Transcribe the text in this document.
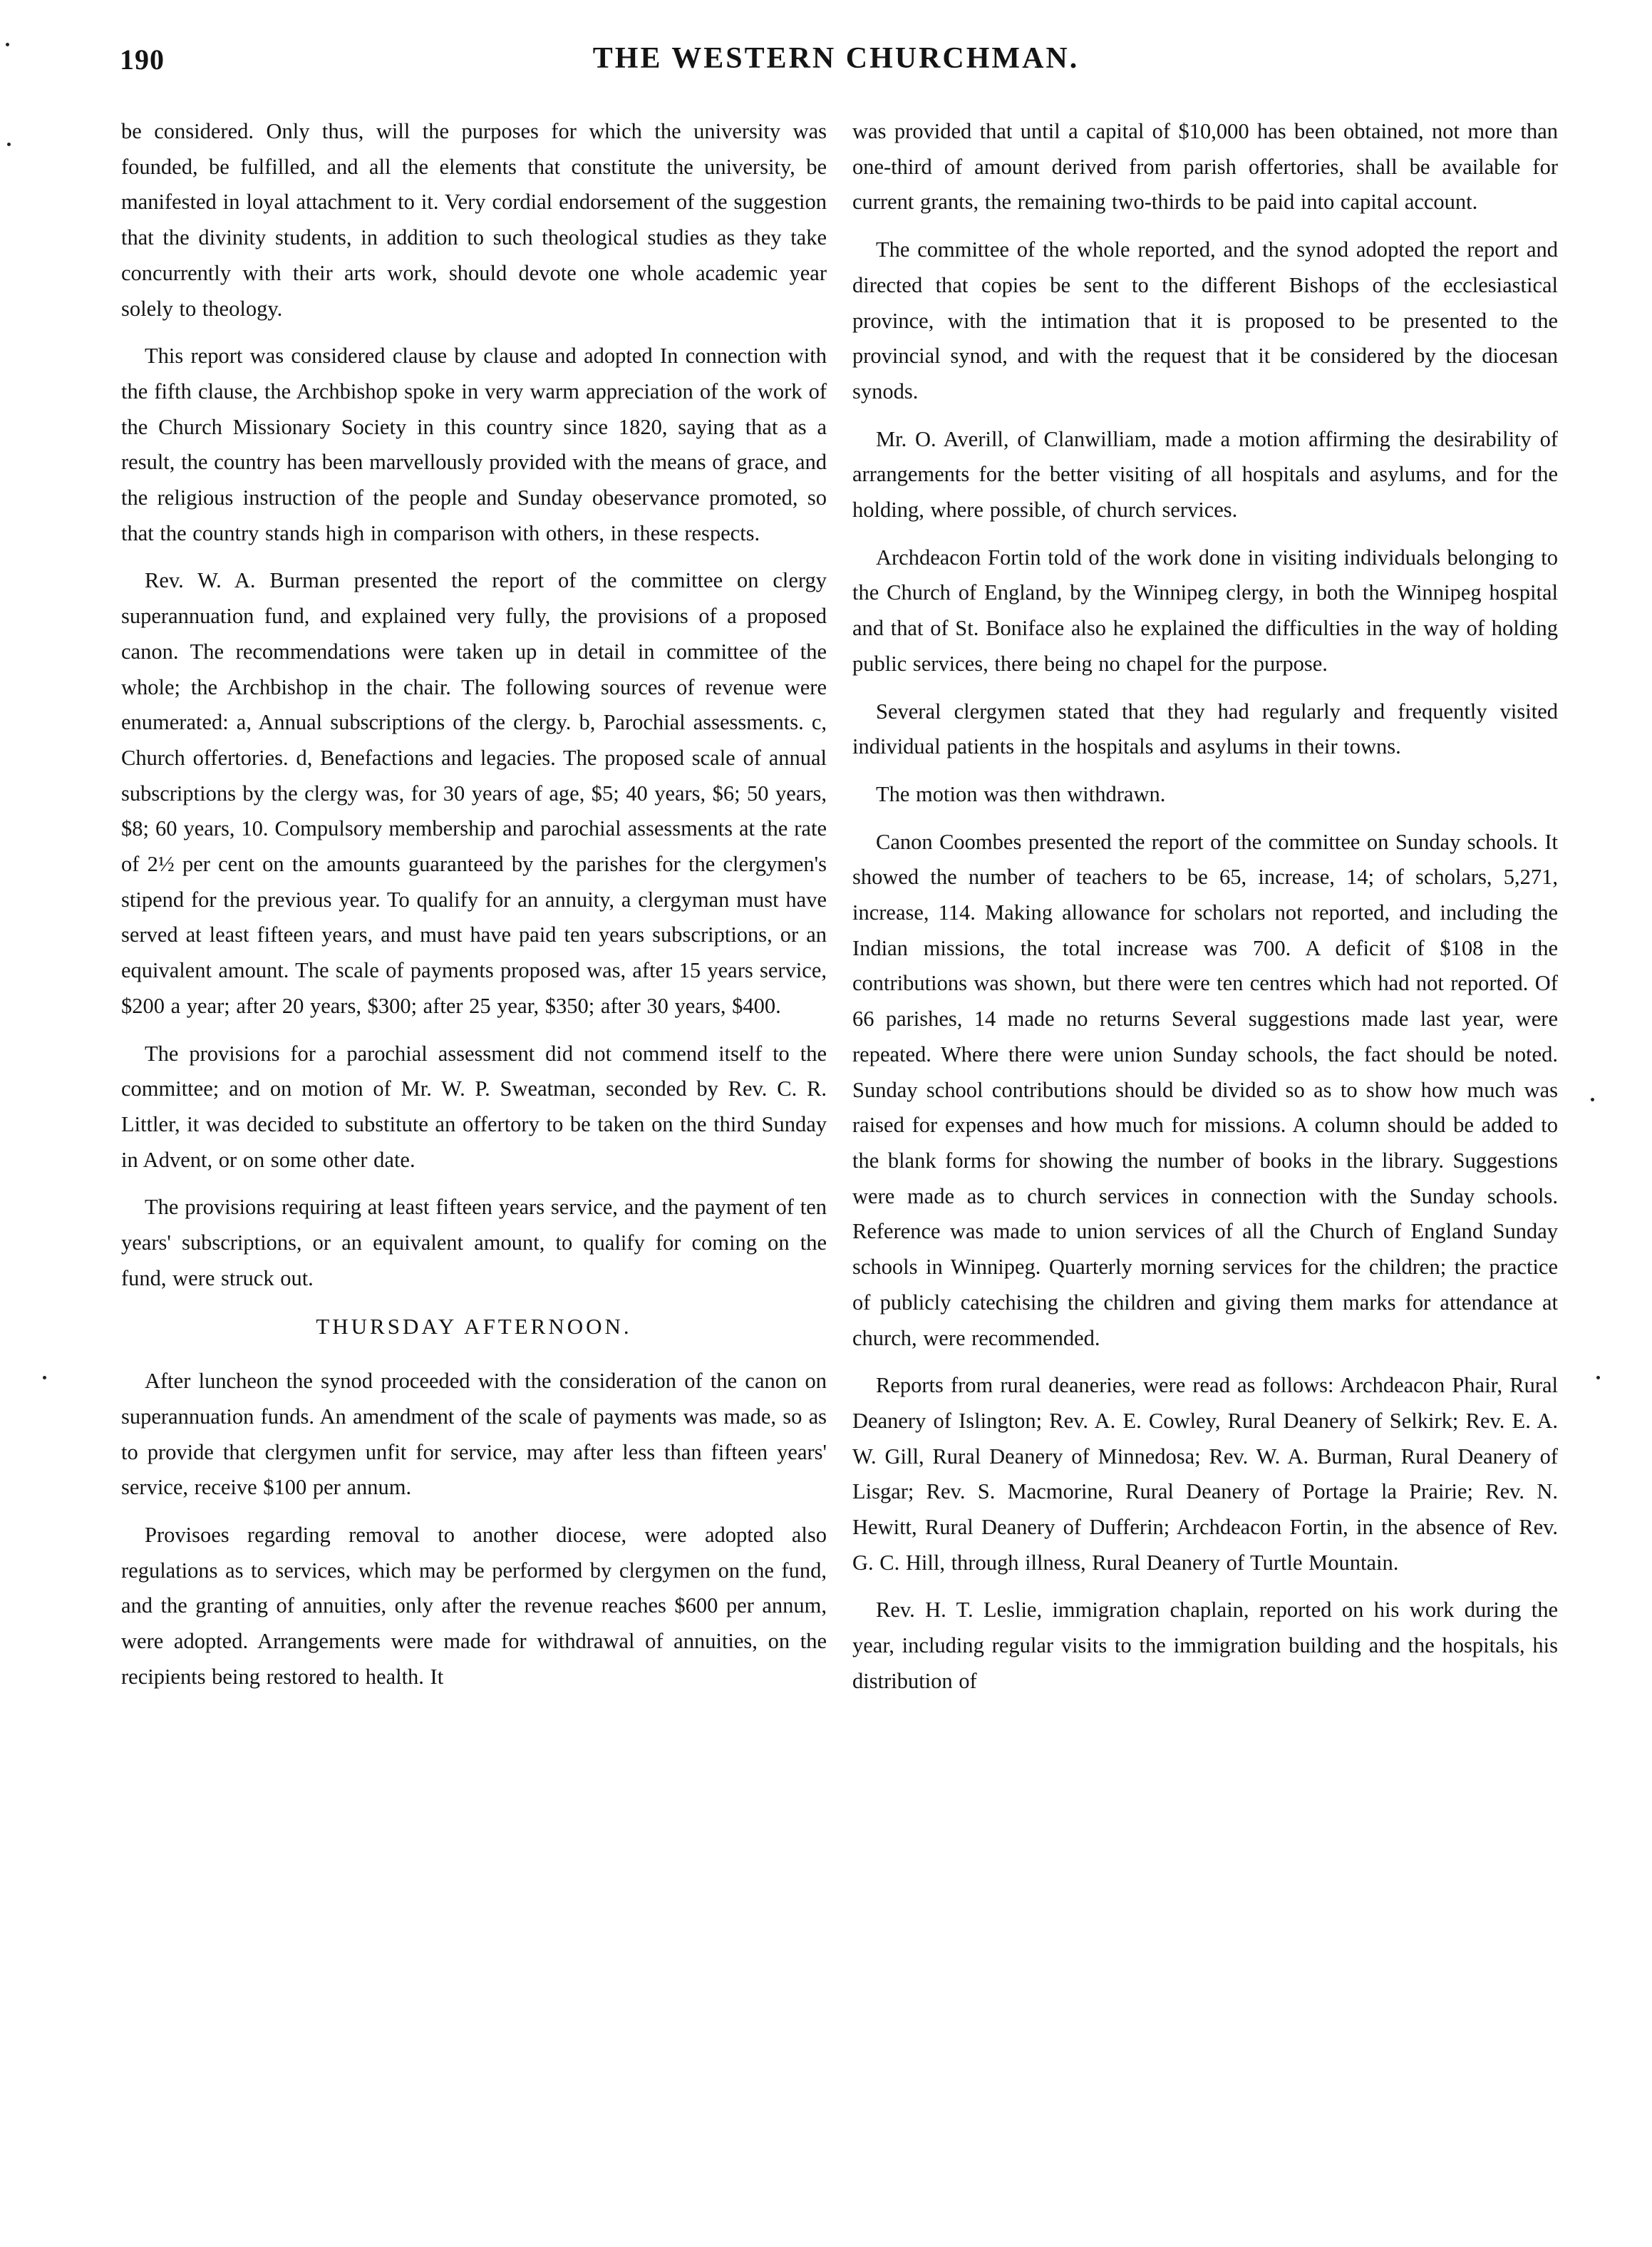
190	THE WESTERN CHURCHMAN.

be considered. Only thus, will the purposes for which the university was founded, be fulfilled, and all the elements that constitute the university, be manifested in loyal attachment to it. Very cordial endorsement of the suggestion that the divinity students, in addition to such theological studies as they take concurrently with their arts work, should devote one whole academic year solely to theology.

This report was considered clause by clause and adopted In connection with the fifth clause, the Archbishop spoke in very warm appreciation of the work of the Church Missionary Society in this country since 1820, saying that as a result, the country has been marvellously provided with the means of grace, and the religious instruction of the people and Sunday obeservance promoted, so that the country stands high in comparison with others, in these respects.

Rev. W. A. Burman presented the report of the committee on clergy superannuation fund, and explained very fully, the provisions of a proposed canon. The recommendations were taken up in detail in committee of the whole; the Archbishop in the chair. The following sources of revenue were enumerated: a, Annual subscriptions of the clergy. b, Parochial assessments. c, Church offertories. d, Benefactions and legacies. The proposed scale of annual subscriptions by the clergy was, for 30 years of age, $5; 40 years, $6; 50 years, $8; 60 years, 10. Compulsory membership and parochial assessments at the rate of 2½ per cent on the amounts guaranteed by the parishes for the clergymen's stipend for the previous year. To qualify for an annuity, a clergyman must have served at least fifteen years, and must have paid ten years subscriptions, or an equivalent amount. The scale of payments proposed was, after 15 years service, $200 a year; after 20 years, $300; after 25 year, $350; after 30 years, $400.

The provisions for a parochial assessment did not commend itself to the committee; and on motion of Mr. W. P. Sweatman, seconded by Rev. C. R. Littler, it was decided to substitute an offertory to be taken on the third Sunday in Advent, or on some other date.

The provisions requiring at least fifteen years service, and the payment of ten years' subscriptions, or an equivalent amount, to qualify for coming on the fund, were struck out.

THURSDAY AFTERNOON.

After luncheon the synod proceeded with the consideration of the canon on superannuation funds. An amendment of the scale of payments was made, so as to provide that clergymen unfit for service, may after less than fifteen years' service, receive $100 per annum.

Provisoes regarding removal to another diocese, were adopted also regulations as to services, which may be performed by clergymen on the fund, and the granting of annuities, only after the revenue reaches $600 per annum, were adopted. Arrangements were made for withdrawal of annuities, on the recipients being restored to health. It

was provided that until a capital of $10,000 has been obtained, not more than one-third of amount derived from parish offertories, shall be available for current grants, the remaining two-thirds to be paid into capital account.

The committee of the whole reported, and the synod adopted the report and directed that copies be sent to the different Bishops of the ecclesiastical province, with the intimation that it is proposed to be presented to the provincial synod, and with the request that it be considered by the diocesan synods.

Mr. O. Averill, of Clanwilliam, made a motion affirming the desirability of arrangements for the better visiting of all hospitals and asylums, and for the holding, where possible, of church services.

Archdeacon Fortin told of the work done in visiting individuals belonging to the Church of England, by the Winnipeg clergy, in both the Winnipeg hospital and that of St. Boniface also he explained the difficulties in the way of holding public services, there being no chapel for the purpose.

Several clergymen stated that they had regularly and frequently visited individual patients in the hospitals and asylums in their towns.

The motion was then withdrawn.

Canon Coombes presented the report of the committee on Sunday schools. It showed the number of teachers to be 65, increase, 14; of scholars, 5,271, increase, 114. Making allowance for scholars not reported, and including the Indian missions, the total increase was 700. A deficit of $108 in the contributions was shown, but there were ten centres which had not reported. Of 66 parishes, 14 made no returns Several suggestions made last year, were repeated. Where there were union Sunday schools, the fact should be noted. Sunday school contributions should be divided so as to show how much was raised for expenses and how much for missions. A column should be added to the blank forms for showing the number of books in the library. Suggestions were made as to church services in connection with the Sunday schools. Reference was made to union services of all the Church of England Sunday schools in Winnipeg. Quarterly morning services for the children; the practice of publicly catechising the children and giving them marks for attendance at church, were recommended.

Reports from rural deaneries, were read as follows: Archdeacon Phair, Rural Deanery of Islington; Rev. A. E. Cowley, Rural Deanery of Selkirk; Rev. E. A. W. Gill, Rural Deanery of Minnedosa; Rev. W. A. Burman, Rural Deanery of Lisgar; Rev. S. Macmorine, Rural Deanery of Portage la Prairie; Rev. N. Hewitt, Rural Deanery of Dufferin; Archdeacon Fortin, in the absence of Rev. G. C. Hill, through illness, Rural Deanery of Turtle Mountain.

Rev. H. T. Leslie, immigration chaplain, reported on his work during the year, including regular visits to the immigration building and the hospitals, his distribution of
